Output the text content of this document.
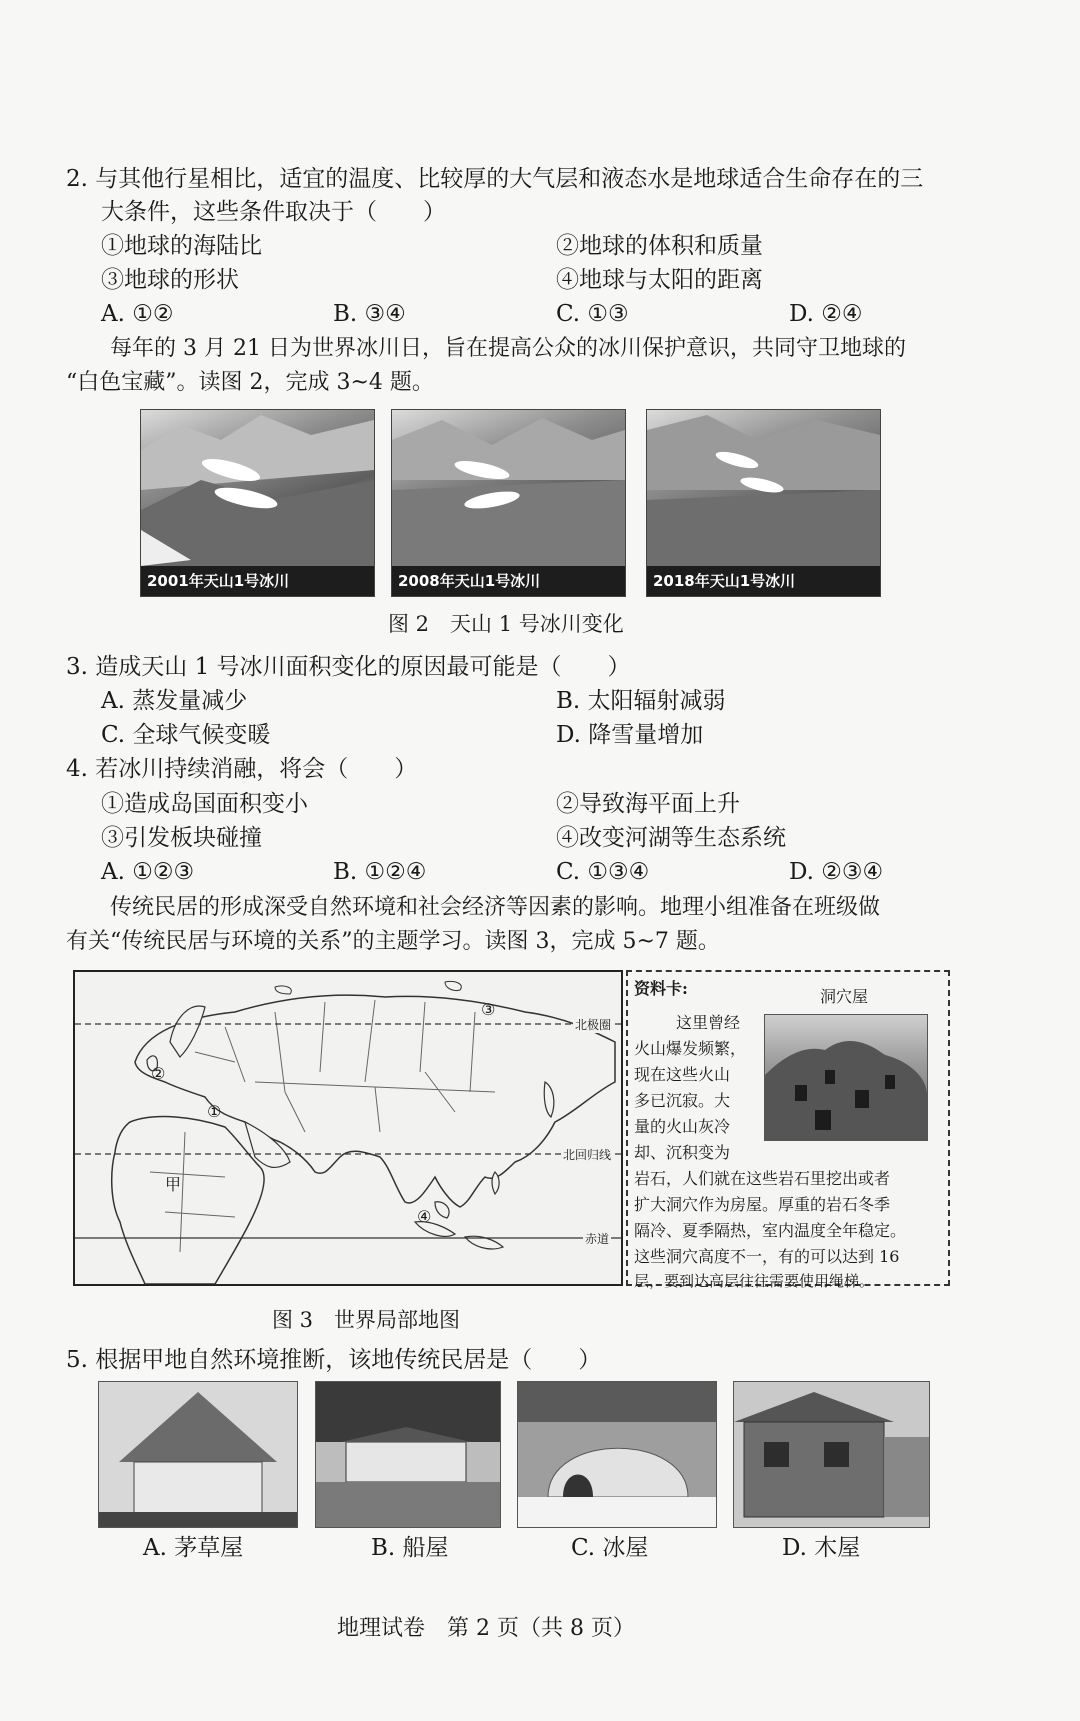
2. 与其他行星相比，适宜的温度、比较厚的大气层和液态水是地球适合生命存在的三
大条件，这些条件取决于（　　）
①地球的海陆比	②地球的体积和质量
③地球的形状	④地球与太阳的距离
A. ①②	B. ③④	C. ①③	D. ②④
每年的 3 月 21 日为世界冰川日，旨在提高公众的冰川保护意识，共同守卫地球的
“白色宝藏”。读图 2，完成 3~4 题。
2001年天山1号冰川	2008年天山1号冰川	2018年天山1号冰川
图 2　天山 1 号冰川变化
3. 造成天山 1 号冰川面积变化的原因最可能是（　　）
A. 蒸发量减少	B. 太阳辐射减弱
C. 全球气候变暖	D. 降雪量增加
4. 若冰川持续消融，将会（　　）
①造成岛国面积变小	②导致海平面上升
③引发板块碰撞	④改变河湖等生态系统
A. ①②③	B. ①②④	C. ①③④	D. ②③④
传统民居的形成深受自然环境和社会经济等因素的影响。地理小组准备在班级做
有关“传统民居与环境的关系”的主题学习。读图 3，完成 5~7 题。
北极圈
北回归线
赤道
③
②
①
④
甲
资料卡:	洞穴屋
这里曾经
火山爆发频繁，
现在这些火山
多已沉寂。大
量的火山灰冷
却、沉积变为
岩石，人们就在这些岩石里挖出或者
扩大洞穴作为房屋。厚重的岩石冬季
隔冷、夏季隔热，室内温度全年稳定。
这些洞穴高度不一，有的可以达到 16
层，要到达高层往往需要使用绳梯。
图 3　世界局部地图
5. 根据甲地自然环境推断，该地传统民居是（　　）
A. 茅草屋	B. 船屋	C. 冰屋	D. 木屋
地理试卷　第 2 页（共 8 页）
